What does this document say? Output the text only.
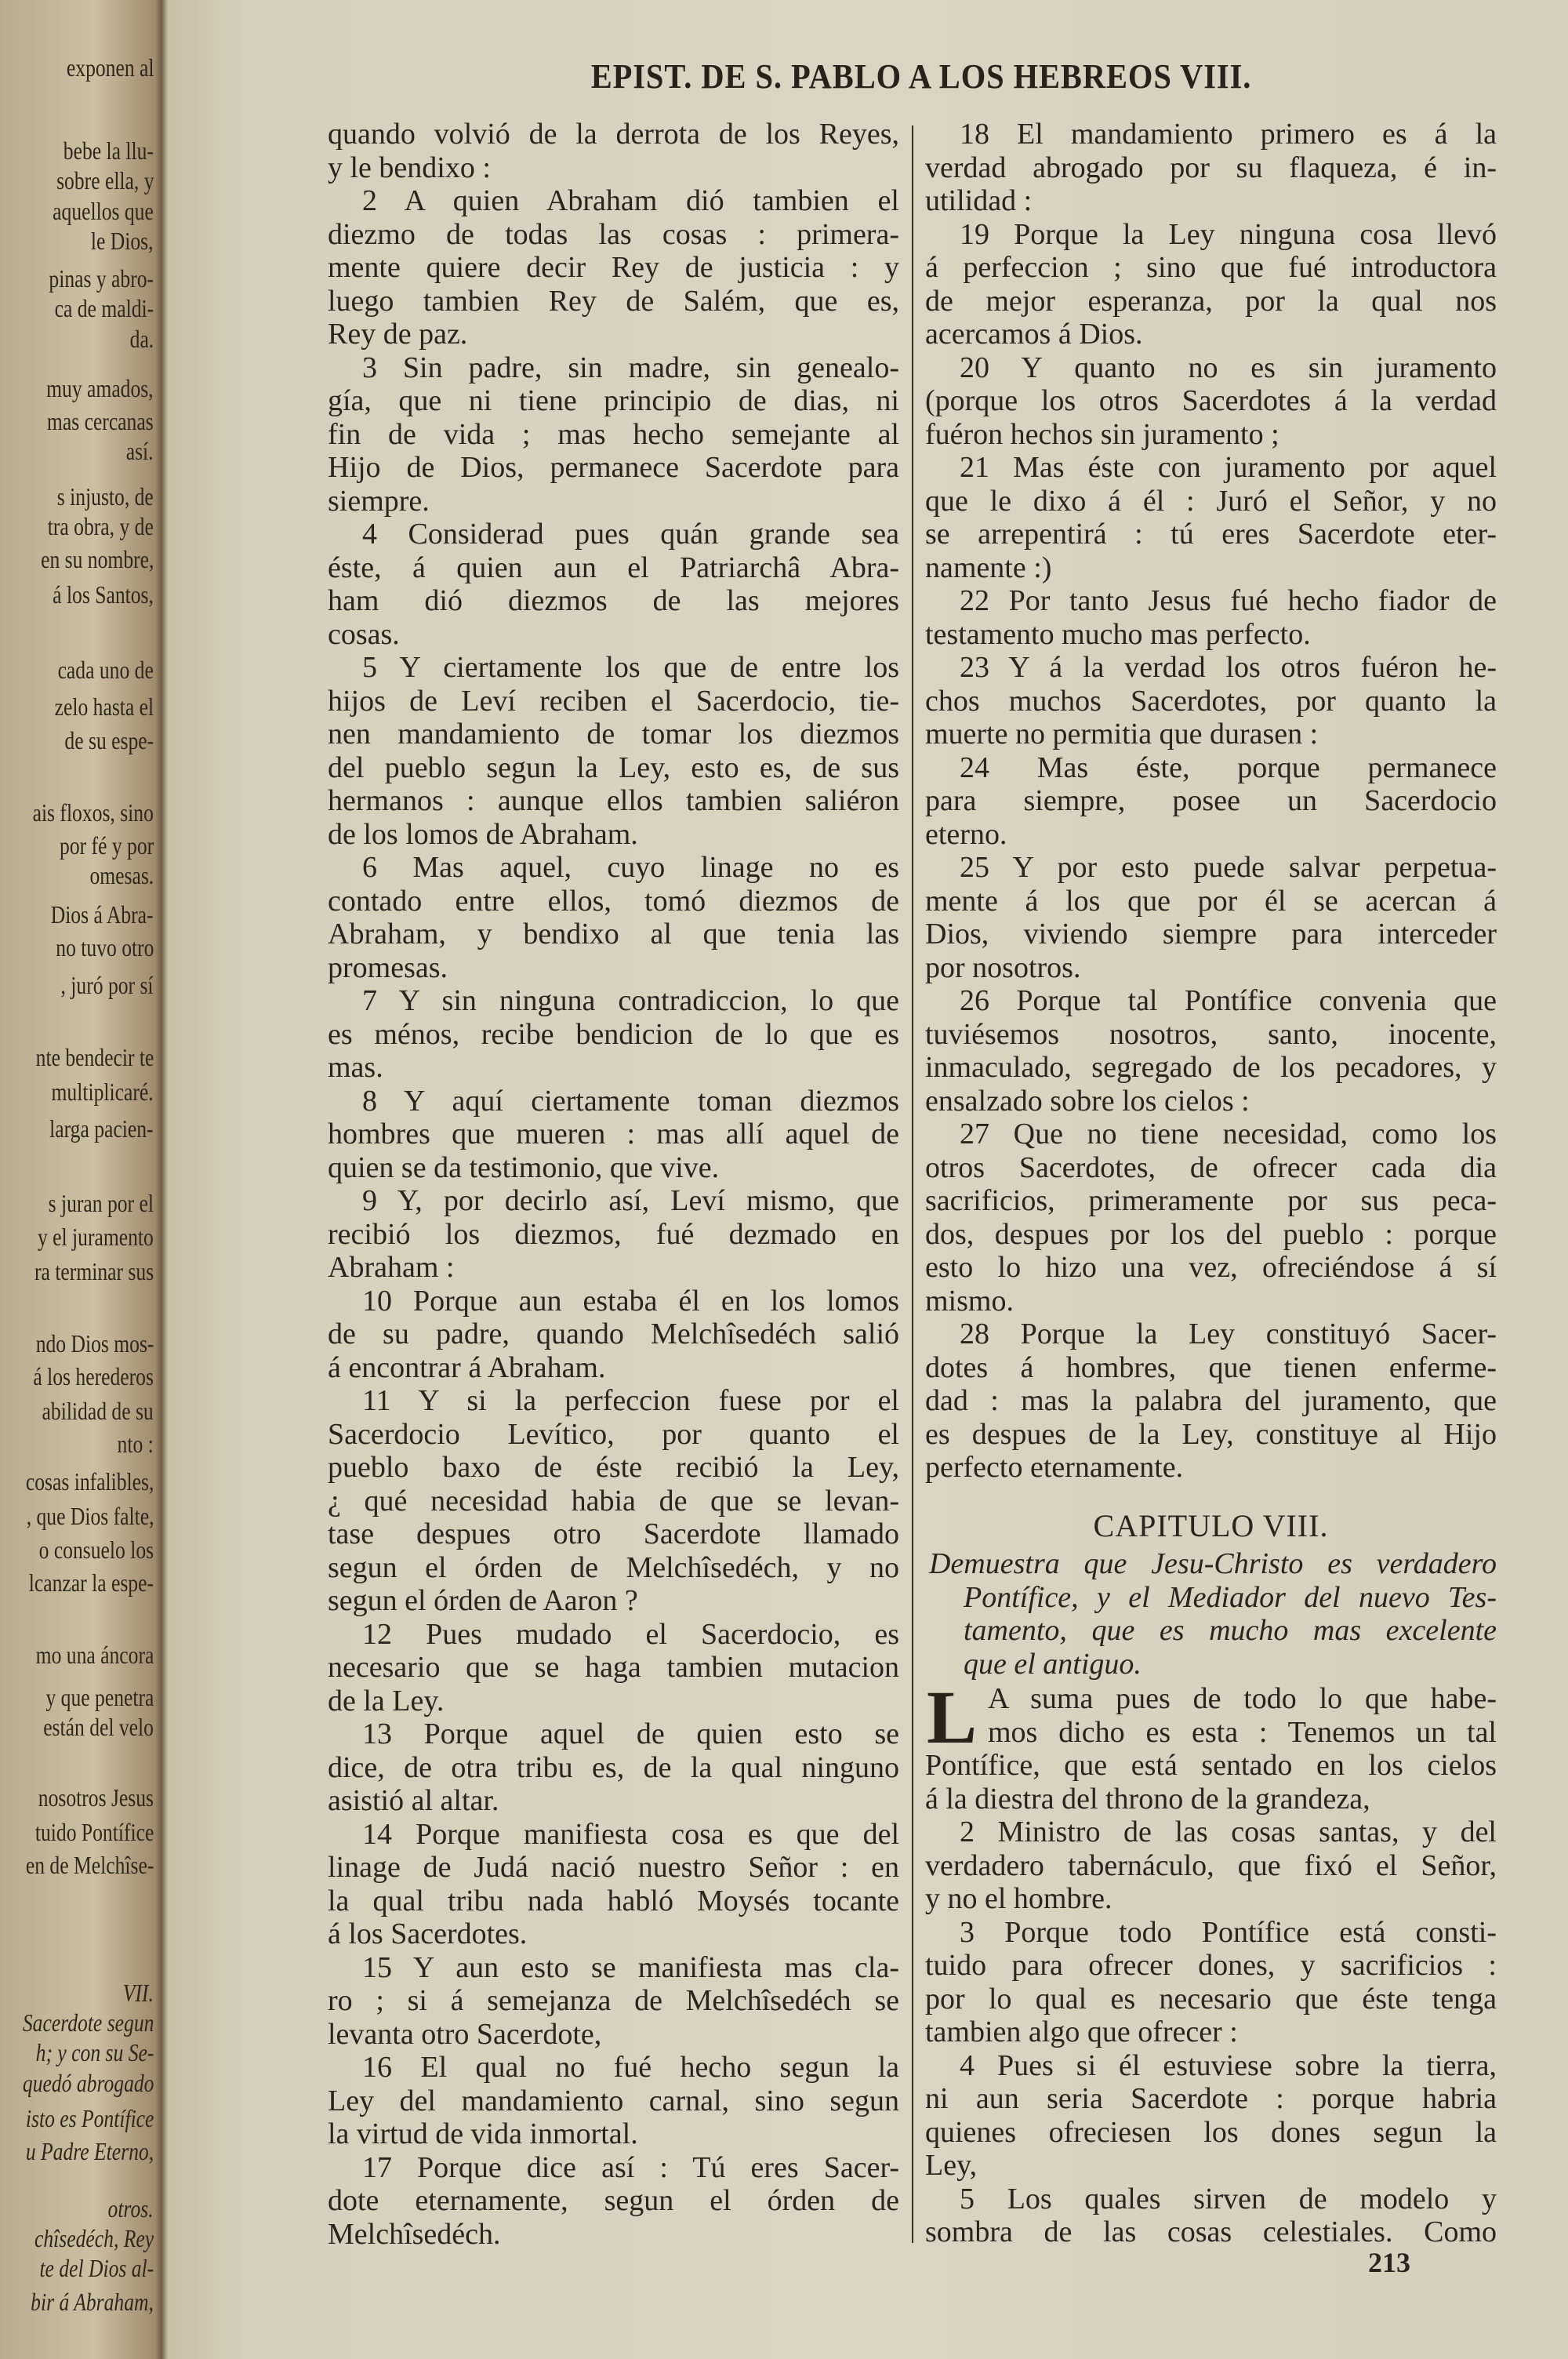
exponen al
bebe la llu-
sobre ella, y
aquellos que
le Dios,
pinas y abro-
ca de maldi-
da.
muy amados,
mas cercanas
así.
s injusto, de
tra obra, y de
en su nombre,
á los Santos,
cada uno de
zelo hasta el
de su espe-
ais floxos, sino
por fé y por
omesas.
Dios á Abra-
no tuvo otro
, juró por sí
nte bendecir te
multiplicaré.
larga pacien-
s juran por el
y el juramento
ra terminar sus
ndo Dios mos-
á los herederos
abilidad de su
nto :
cosas infalibles,
, que Dios falte,
o consuelo los
lcanzar la espe-
mo una áncora
y que penetra
están del velo
nosotros Jesus
tuido Pontífice
en de Melchîse-
VII.
Sacerdote segun
h; y con su Se-
quedó abrogado
isto es Pontífice
u Padre Eterno,
otros.
chîsedéch, Rey
te del Dios al-
bir á Abraham,
EPIST. DE S. PABLO A LOS HEBREOS VIII.
quando volvió de la derrota de los Reyes,
y le bendixo :
2 A quien Abraham dió tambien el
diezmo de todas las cosas : primera-
mente quiere decir Rey de justicia : y
luego tambien Rey de Salém, que es,
Rey de paz.
3 Sin padre, sin madre, sin genealo-
gía, que ni tiene principio de dias, ni
fin de vida ; mas hecho semejante al
Hijo de Dios, permanece Sacerdote para
siempre.
4 Considerad pues quán grande sea
éste, á quien aun el Patriarchâ Abra-
ham dió diezmos de las mejores
cosas.
5 Y ciertamente los que de entre los
hijos de Leví reciben el Sacerdocio, tie-
nen mandamiento de tomar los diezmos
del pueblo segun la Ley, esto es, de sus
hermanos : aunque ellos tambien saliéron
de los lomos de Abraham.
6 Mas aquel, cuyo linage no es
contado entre ellos, tomó diezmos de
Abraham, y bendixo al que tenia las
promesas.
7 Y sin ninguna contradiccion, lo que
es ménos, recibe bendicion de lo que es
mas.
8 Y aquí ciertamente toman diezmos
hombres que mueren : mas allí aquel de
quien se da testimonio, que vive.
9 Y, por decirlo así, Leví mismo, que
recibió los diezmos, fué dezmado en
Abraham :
10 Porque aun estaba él en los lomos
de su padre, quando Melchîsedéch salió
á encontrar á Abraham.
11 Y si la perfeccion fuese por el
Sacerdocio Levítico, por quanto el
pueblo baxo de éste recibió la Ley,
¿ qué necesidad habia de que se levan-
tase despues otro Sacerdote llamado
segun el órden de Melchîsedéch, y no
segun el órden de Aaron ?
12 Pues mudado el Sacerdocio, es
necesario que se haga tambien mutacion
de la Ley.
13 Porque aquel de quien esto se
dice, de otra tribu es, de la qual ninguno
asistió al altar.
14 Porque manifiesta cosa es que del
linage de Judá nació nuestro Señor : en
la qual tribu nada habló Moysés tocante
á los Sacerdotes.
15 Y aun esto se manifiesta mas cla-
ro ; si á semejanza de Melchîsedéch se
levanta otro Sacerdote,
16 El qual no fué hecho segun la
Ley del mandamiento carnal, sino segun
la virtud de vida inmortal.
17 Porque dice así : Tú eres Sacer-
dote eternamente, segun el órden de
Melchîsedéch.
18 El mandamiento primero es á la
verdad abrogado por su flaqueza, é in-
utilidad :
19 Porque la Ley ninguna cosa llevó
á perfeccion ; sino que fué introductora
de mejor esperanza, por la qual nos
acercamos á Dios.
20 Y quanto no es sin juramento
(porque los otros Sacerdotes á la verdad
fuéron hechos sin juramento ;
21 Mas éste con juramento por aquel
que le dixo á él : Juró el Señor, y no
se arrepentirá : tú eres Sacerdote eter-
namente :)
22 Por tanto Jesus fué hecho fiador de
testamento mucho mas perfecto.
23 Y á la verdad los otros fuéron he-
chos muchos Sacerdotes, por quanto la
muerte no permitia que durasen :
24 Mas éste, porque permanece
para siempre, posee un Sacerdocio
eterno.
25 Y por esto puede salvar perpetua-
mente á los que por él se acercan á
Dios, viviendo siempre para interceder
por nosotros.
26 Porque tal Pontífice convenia que
tuviésemos nosotros, santo, inocente,
inmaculado, segregado de los pecadores, y
ensalzado sobre los cielos :
27 Que no tiene necesidad, como los
otros Sacerdotes, de ofrecer cada dia
sacrificios, primeramente por sus peca-
dos, despues por los del pueblo : porque
esto lo hizo una vez, ofreciéndose á sí
mismo.
28 Porque la Ley constituyó Sacer-
dotes á hombres, que tienen enferme-
dad : mas la palabra del juramento, que
es despues de la Ley, constituye al Hijo
perfecto eternamente.
CAPITULO VIII.
Demuestra que Jesu-Christo es verdadero
Pontífice, y el Mediador del nuevo Tes-
tamento, que es mucho mas excelente
que el antiguo.
L A suma pues de todo lo que habe-
mos dicho es esta : Tenemos un tal
Pontífice, que está sentado en los cielos
á la diestra del throno de la grandeza,
2 Ministro de las cosas santas, y del
verdadero tabernáculo, que fixó el Señor,
y no el hombre.
3 Porque todo Pontífice está consti-
tuido para ofrecer dones, y sacrificios :
por lo qual es necesario que éste tenga
tambien algo que ofrecer :
4 Pues si él estuviese sobre la tierra,
ni aun seria Sacerdote : porque habria
quienes ofreciesen los dones segun la
Ley,
5 Los quales sirven de modelo y
sombra de las cosas celestiales. Como
213
